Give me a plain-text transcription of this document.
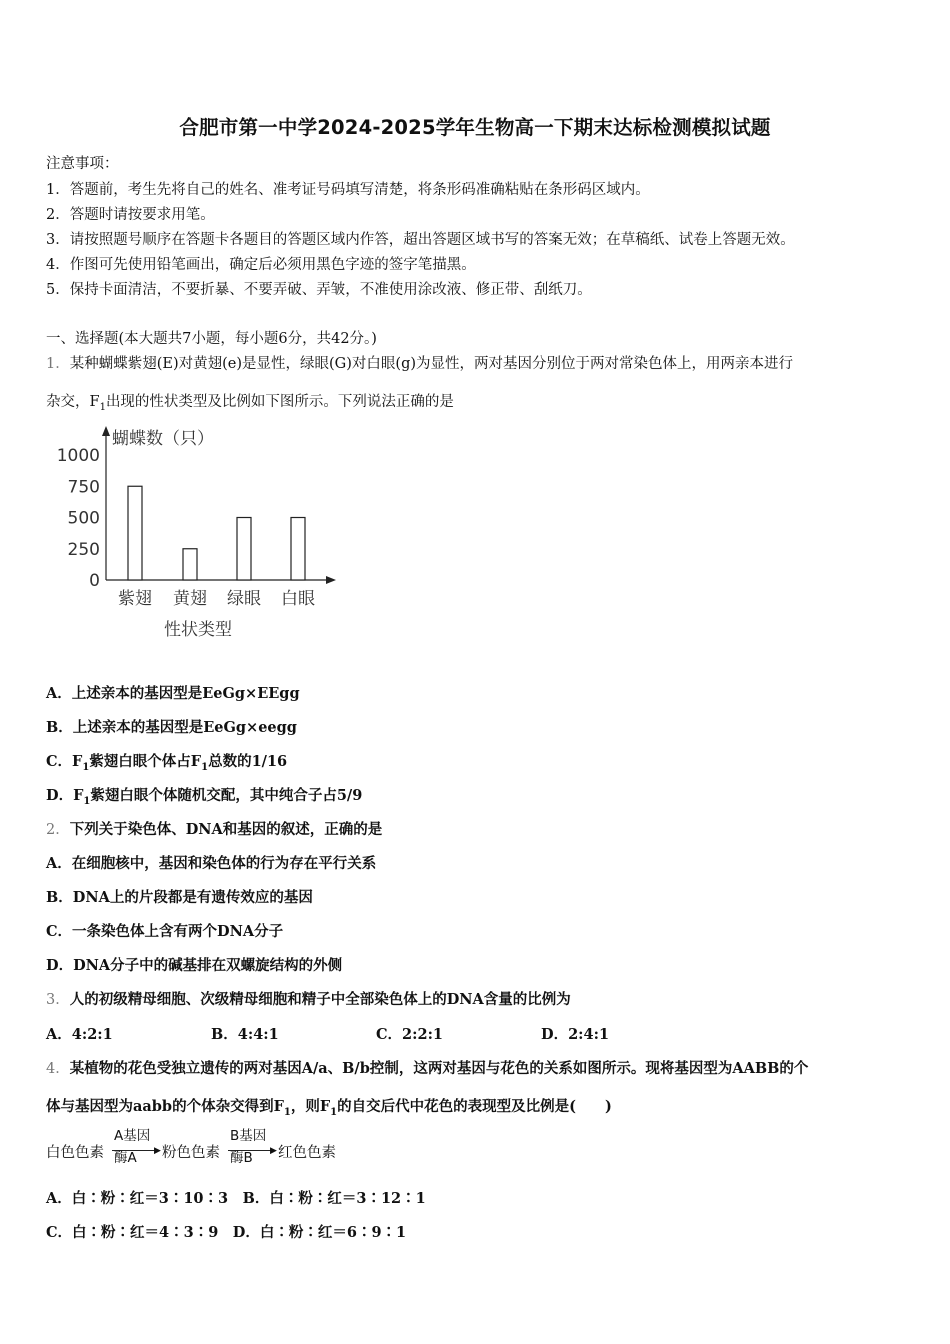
合肥市第一中学2024-2025学年生物高一下期末达标检测模拟试题
注意事项：
1．答题前，考生先将自己的姓名、准考证号码填写清楚，将条形码准确粘贴在条形码区域内。
2．答题时请按要求用笔。
3．请按照题号顺序在答题卡各题目的答题区域内作答，超出答题区域书写的答案无效；在草稿纸、试卷上答题无效。
4．作图可先使用铅笔画出，确定后必须用黑色字迹的签字笔描黑。
5．保持卡面清洁，不要折暴、不要弄破、弄皱，不准使用涂改液、修正带、刮纸刀。
一、选择题(本大题共7小题，每小题6分，共42分。)
1．某种蝴蝶紫翅(E)对黄翅(e)是显性，绿眼(G)对白眼(g)为显性，两对基因分别位于两对常染色体上，用两亲本进行
杂交，$F_1$出现的性状类型及比例如下图所示。下列说法正确的是
蝴蝶数（只）
1000
750
500
250
0
紫翅 黄翅 绿眼 白眼
性状类型
A．上述亲本的基因型是EeGg×EEgg
B．上述亲本的基因型是EeGg×eegg
C．$F_1$紫翅白眼个体占$F_1$总数的1/16
D．$F_1$紫翅白眼个体随机交配，其中纯合子占5/9
2．下列关于染色体、DNA和基因的叙述，正确的是
A．在细胞核中，基因和染色体的行为存在平行关系
B．DNA上的片段都是有遗传效应的基因
C．一条染色体上含有两个DNA分子
D．DNA分子中的碱基排在双螺旋结构的外侧
3．人的初级精母细胞、次级精母细胞和精子中全部染色体上的DNA含量的比例为
A．4:2:1	B．4:4:1	C．2:2:1	D．2:4:1
4．某植物的花色受独立遗传的两对基因A/a、B/b控制，这两对基因与花色的关系如图所示。现将基因型为AABB的个
体与基因型为aabb的个体杂交得到$F_1$，则$F_1$的自交后代中花色的表现型及比例是(　　)
白色色素
A基因
▶
酶A 粉色色素
B基因
▶
酶B 红色色素
A．白∶粉∶红＝3∶10∶3　B．白∶粉∶红＝3∶12∶1
C．白∶粉∶红＝4∶3∶9　D．白∶粉∶红＝6∶9∶1
